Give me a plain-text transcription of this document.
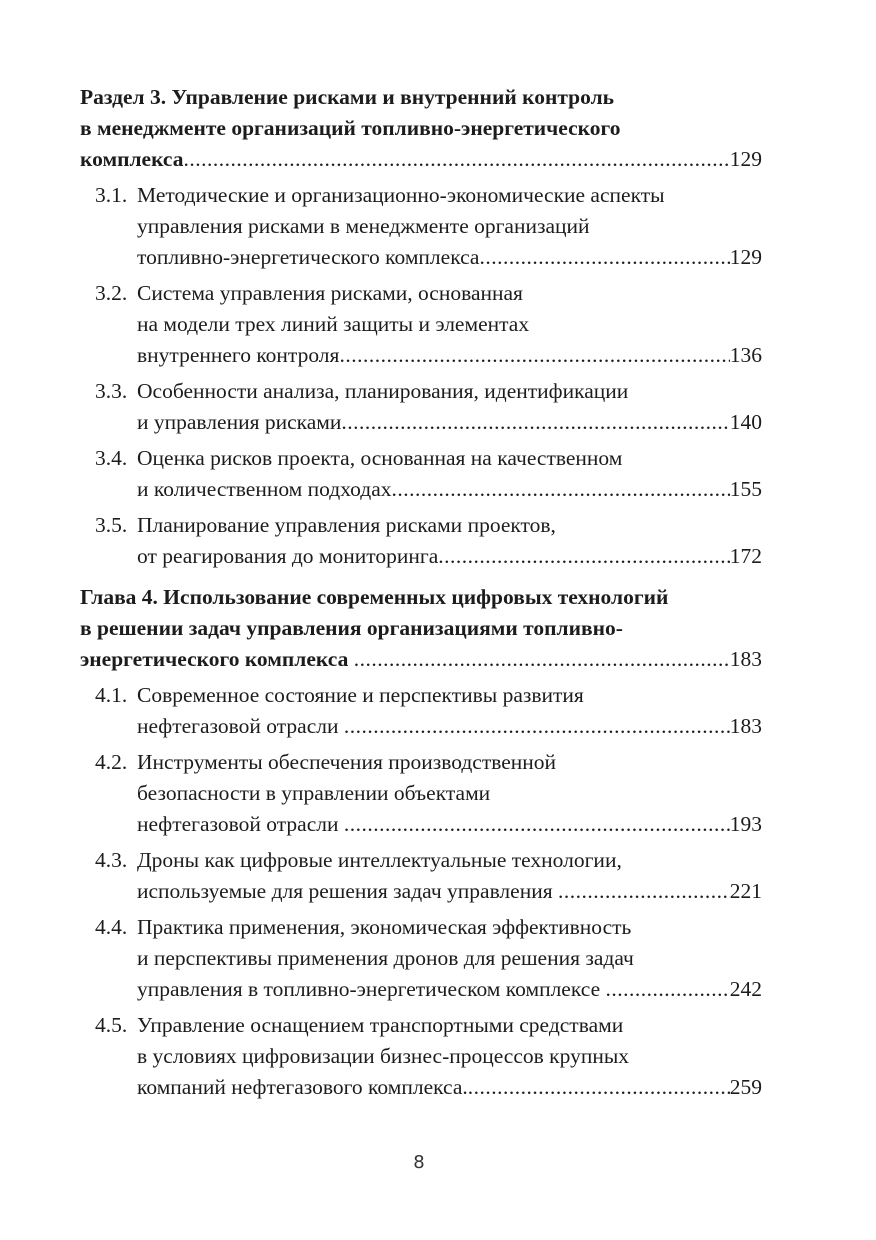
Раздел 3. Управление рисками и внутренний контроль
в менеджменте организаций топливно-энергетического
комплекса .....	129
3.1. Методические и организационно-экономические аспекты
управления рисками в менеджменте организаций
топливно-энергетического комплекса .....	129
3.2. Система управления рисками, основанная
на модели трех линий защиты и элементах
внутреннего контроля .....	136
3.3. Особенности анализа, планирования, идентификации
и управления рисками .....	140
3.4. Оценка рисков проекта, основанная на качественном
и количественном подходах .....	155
3.5. Планирование управления рисками проектов,
от реагирования до мониторинга .....	172
Глава 4. Использование современных цифровых технологий
в решении задач управления организациями топливно-
энергетического комплекса .....	183
4.1. Современное состояние и перспективы развития
нефтегазовой отрасли .....	183
4.2. Инструменты обеспечения производственной
безопасности в управлении объектами
нефтегазовой отрасли .....	193
4.3. Дроны как цифровые интеллектуальные технологии,
используемые для решения задач управления .....	221
4.4. Практика применения, экономическая эффективность
и перспективы применения дронов для решения задач
управления в топливно-энергетическом комплексе .....	242
4.5. Управление оснащением транспортными средствами
в условиях цифровизации бизнес-процессов крупных
компаний нефтегазового комплекса. .....	259
8
